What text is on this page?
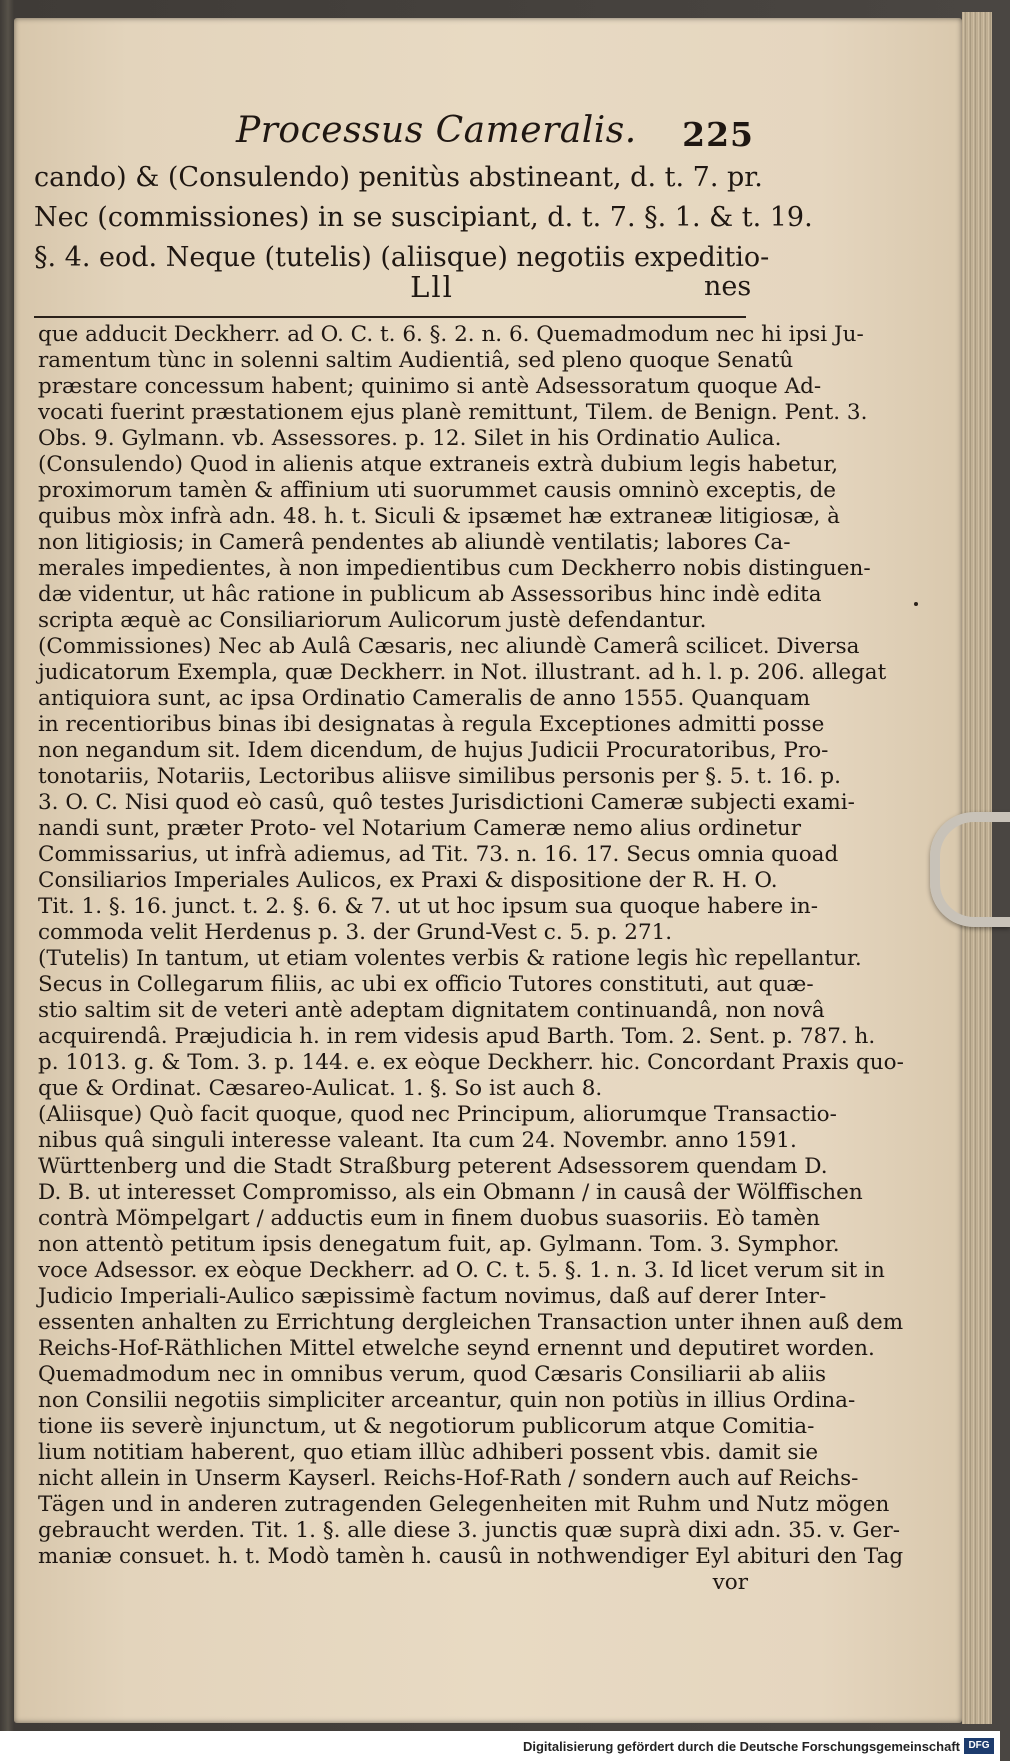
Processus Cameralis.	225
cando) & (Consulendo) penitùs abstineant, d. t. 7. pr.
Nec (commissiones) in se suscipiant, d. t. 7. §. 1. & t. 19.
§. 4. eod. Neque (tutelis) (aliisque) negotiis expeditio-
Lll	nes
que adducit Deckherr. ad O. C. t. 6. §. 2. n. 6. Quemadmodum nec hi ipsi Ju-
ramentum tùnc in solenni saltim Audientiâ, sed pleno quoque Senatû
præstare concessum habent; quinimo si antè Adsessoratum quoque Ad-
vocati fuerint præstationem ejus planè remittunt, Tilem. de Benign. Pent. 3.
Obs. 9. Gylmann. vb. Assessores. p. 12. Silet in his Ordinatio Aulica.
(Consulendo) Quod in alienis atque extraneis extrà dubium legis habetur,
proximorum tamèn & affinium uti suorummet causis omninò exceptis, de
quibus mòx infrà adn. 48. h. t. Siculi & ipsæmet hæ extraneæ litigiosæ, à
non litigiosis; in Camerâ pendentes ab aliundè ventilatis; labores Ca-
merales impedientes, à non impedientibus cum Deckherro nobis distinguen-
dæ videntur, ut hâc ratione in publicum ab Assessoribus hinc indè edita
scripta æquè ac Consiliariorum Aulicorum justè defendantur.
(Commissiones) Nec ab Aulâ Cæsaris, nec aliundè Camerâ scilicet. Diversa
judicatorum Exempla, quæ Deckherr. in Not. illustrant. ad h. l. p. 206. allegat
antiquiora sunt, ac ipsa Ordinatio Cameralis de anno 1555. Quanquam
in recentioribus binas ibi designatas à regula Exceptiones admitti posse
non negandum sit. Idem dicendum, de hujus Judicii Procuratoribus, Pro-
tonotariis, Notariis, Lectoribus aliisve similibus personis per §. 5. t. 16. p.
3. O. C. Nisi quod eò casû, quô testes Jurisdictioni Cameræ subjecti exami-
nandi sunt, præter Proto- vel Notarium Cameræ nemo alius ordinetur
Commissarius, ut infrà adiemus, ad Tit. 73. n. 16. 17. Secus omnia quoad
Consiliarios Imperiales Aulicos, ex Praxi & dispositione der R. H. O.
Tit. 1. §. 16. junct. t. 2. §. 6. & 7. ut ut hoc ipsum sua quoque habere in-
commoda velit Herdenus p. 3. der Grund-Vest c. 5. p. 271.
(Tutelis) In tantum, ut etiam volentes verbis & ratione legis hìc repellantur.
Secus in Collegarum filiis, ac ubi ex officio Tutores constituti, aut quæ-
stio saltim sit de veteri antè adeptam dignitatem continuandâ, non novâ
acquirendâ. Præjudicia h. in rem videsis apud Barth. Tom. 2. Sent. p. 787. h.
p. 1013. g. & Tom. 3. p. 144. e. ex eòque Deckherr. hic. Concordant Praxis quo-
que & Ordinat. Cæsareo-Aulicat. 1. §. So ist auch 8.
(Aliisque) Quò facit quoque, quod nec Principum, aliorumque Transactio-
nibus quâ singuli interesse valeant. Ita cum 24. Novembr. anno 1591.
Württenberg und die Stadt Straßburg peterent Adsessorem quendam D.
D. B. ut interesset Compromisso, als ein Obmann / in causâ der Wölffischen
contrà Mömpelgart / adductis eum in finem duobus suasoriis. Eò tamèn
non attentò petitum ipsis denegatum fuit, ap. Gylmann. Tom. 3. Symphor.
voce Adsessor. ex eòque Deckherr. ad O. C. t. 5. §. 1. n. 3. Id licet verum sit in
Judicio Imperiali-Aulico sæpissimè factum novimus, daß auf derer Inter-
essenten anhalten zu Errichtung dergleichen Transaction unter ihnen auß dem
Reichs-Hof-Räthlichen Mittel etwelche seynd ernennt und deputiret worden.
Quemadmodum nec in omnibus verum, quod Cæsaris Consiliarii ab aliis
non Consilii negotiis simpliciter arceantur, quin non potiùs in illius Ordina-
tione iis severè injunctum, ut & negotiorum publicorum atque Comitia-
lium notitiam haberent, quo etiam illùc adhiberi possent vbis. damit sie
nicht allein in Unserm Kayserl. Reichs-Hof-Rath / sondern auch auf Reichs-
Tägen und in anderen zutragenden Gelegenheiten mit Ruhm und Nutz mögen
gebraucht werden. Tit. 1. §. alle diese 3. junctis quæ suprà dixi adn. 35. v. Ger-
maniæ consuet. h. t. Modò tamèn h. causû in nothwendiger Eyl abituri den Tag
vor
Digitalisierung gefördert durch die Deutsche Forschungsgemeinschaft DFG
